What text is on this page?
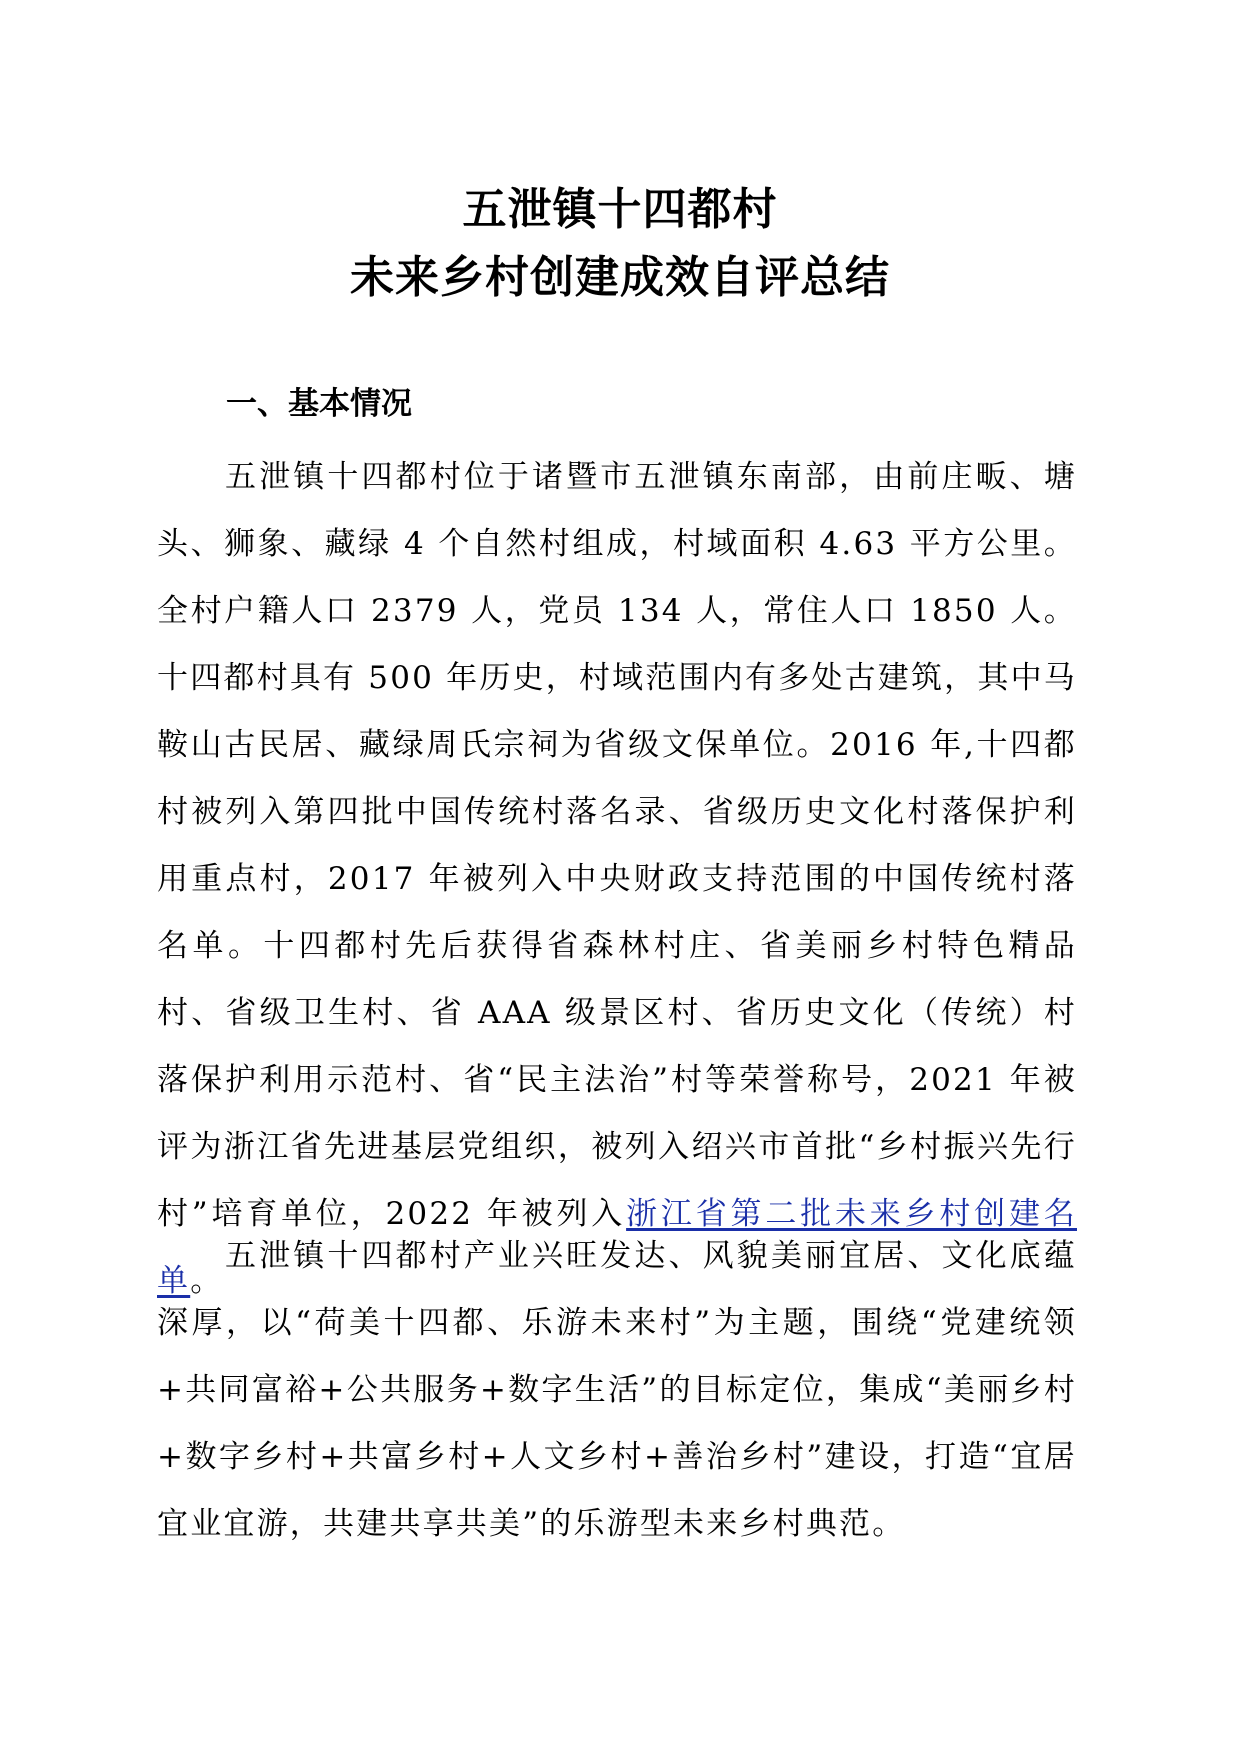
五泄镇十四都村
未来乡村创建成效自评总结
一、基本情况

五泄镇十四都村位于诸暨市五泄镇东南部，由前庄畈、塘头、狮象、藏绿 4 个自然村组成，村域面积 4.63 平方公里。全村户籍人口 2379 人，党员 134 人，常住人口 1850 人。十四都村具有 500 年历史，村域范围内有多处古建筑，其中马鞍山古民居、藏绿周氏宗祠为省级文保单位。2016 年,十四都村被列入第四批中国传统村落名录、省级历史文化村落保护利用重点村，2017 年被列入中央财政支持范围的中国传统村落名单。十四都村先后获得省森林村庄、省美丽乡村特色精品村、省级卫生村、省 AAA 级景区村、省历史文化（传统）村落保护利用示范村、省“民主法治”村等荣誉称号，2021 年被评为浙江省先进基层党组织，被列入绍兴市首批“乡村振兴先行村”培育单位，2022 年被列入浙江省第二批未来乡村创建名单。

五泄镇十四都村产业兴旺发达、风貌美丽宜居、文化底蕴深厚，以“荷美十四都、乐游未来村”为主题，围绕“党建统领+共同富裕+公共服务+数字生活”的目标定位，集成“美丽乡村+数字乡村+共富乡村+人文乡村+善治乡村”建设，打造“宜居宜业宜游，共建共享共美”的乐游型未来乡村典范。
